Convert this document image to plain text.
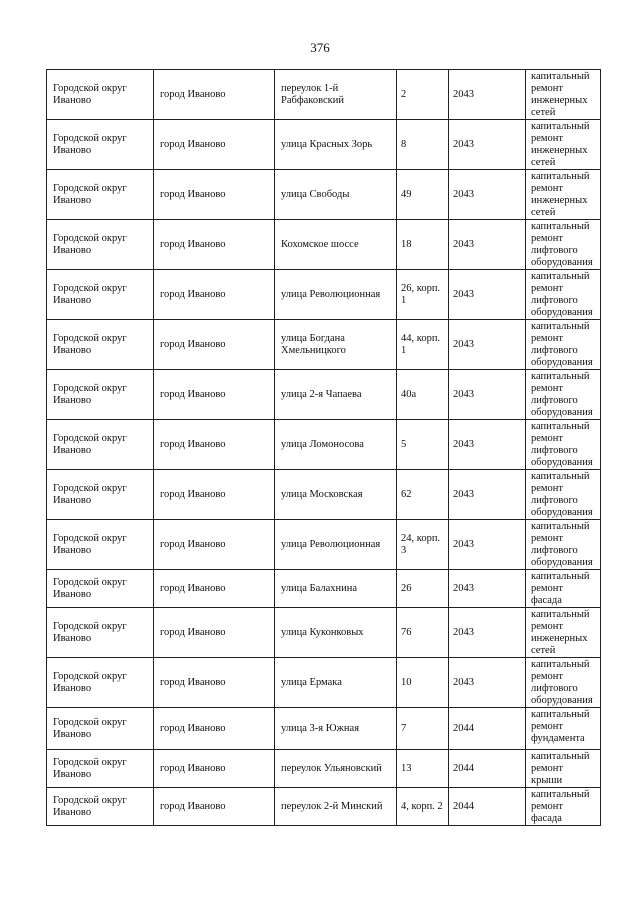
376
Городской округ Иваново	город Иваново	переулок 1-й Рабфаковский	2	2043	капитальный ремонт инженерных сетей
Городской округ Иваново	город Иваново	улица Красных Зорь	8	2043	капитальный ремонт инженерных сетей
Городской округ Иваново	город Иваново	улица Свободы	49	2043	капитальный ремонт инженерных сетей
Городской округ Иваново	город Иваново	Кохомское шоссе	18	2043	капитальный ремонт лифтового оборудования
Городской округ Иваново	город Иваново	улица Революционная	26, корп. 1	2043	капитальный ремонт лифтового оборудования
Городской округ Иваново	город Иваново	улица Богдана Хмельницкого	44, корп. 1	2043	капитальный ремонт лифтового оборудования
Городской округ Иваново	город Иваново	улица 2-я Чапаева	40а	2043	капитальный ремонт лифтового оборудования
Городской округ Иваново	город Иваново	улица Ломоносова	5	2043	капитальный ремонт лифтового оборудования
Городской округ Иваново	город Иваново	улица Московская	62	2043	капитальный ремонт лифтового оборудования
Городской округ Иваново	город Иваново	улица Революционная	24, корп. 3	2043	капитальный ремонт лифтового оборудования
Городской округ Иваново	город Иваново	улица Балахнина	26	2043	капитальный ремонт фасада
Городской округ Иваново	город Иваново	улица Куконковых	76	2043	капитальный ремонт инженерных сетей
Городской округ Иваново	город Иваново	улица Ермака	10	2043	капитальный ремонт лифтового оборудования
Городской округ Иваново	город Иваново	улица 3-я Южная	7	2044	капитальный ремонт фундамента
Городской округ Иваново	город Иваново	переулок Ульяновский	13	2044	капитальный ремонт крыши
Городской округ Иваново	город Иваново	переулок 2-й Минский	4, корп. 2	2044	капитальный ремонт фасада
